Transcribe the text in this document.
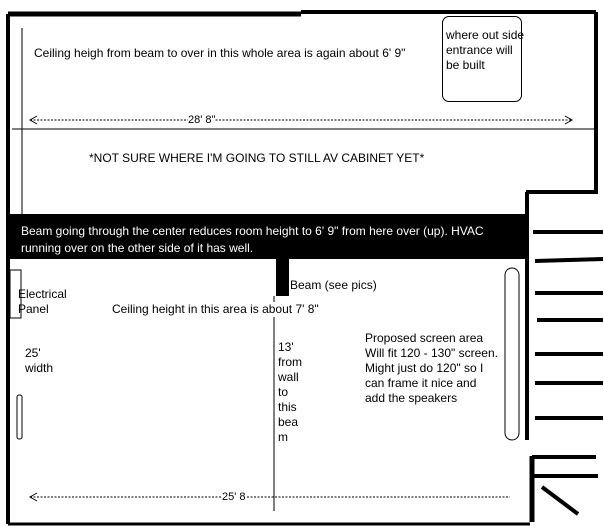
Beam going through the center reduces room height to 6' 9" from here over (up). HVAC running over on the other side of it has well.
where out side entrance will be built
Ceiling heigh from beam to over in this whole area is again about 6' 9"
*NOT SURE WHERE I'M GOING TO STILL AV CABINET YET*
28' 8"
25' 8
Beam (see pics)
Ceiling height in this area is about 7' 8"
Electrical Panel
25' width
13' from wall to this bea m
Proposed screen area Will fit 120 - 130" screen. Might just do 120" so I can frame it nice and add the speakers
